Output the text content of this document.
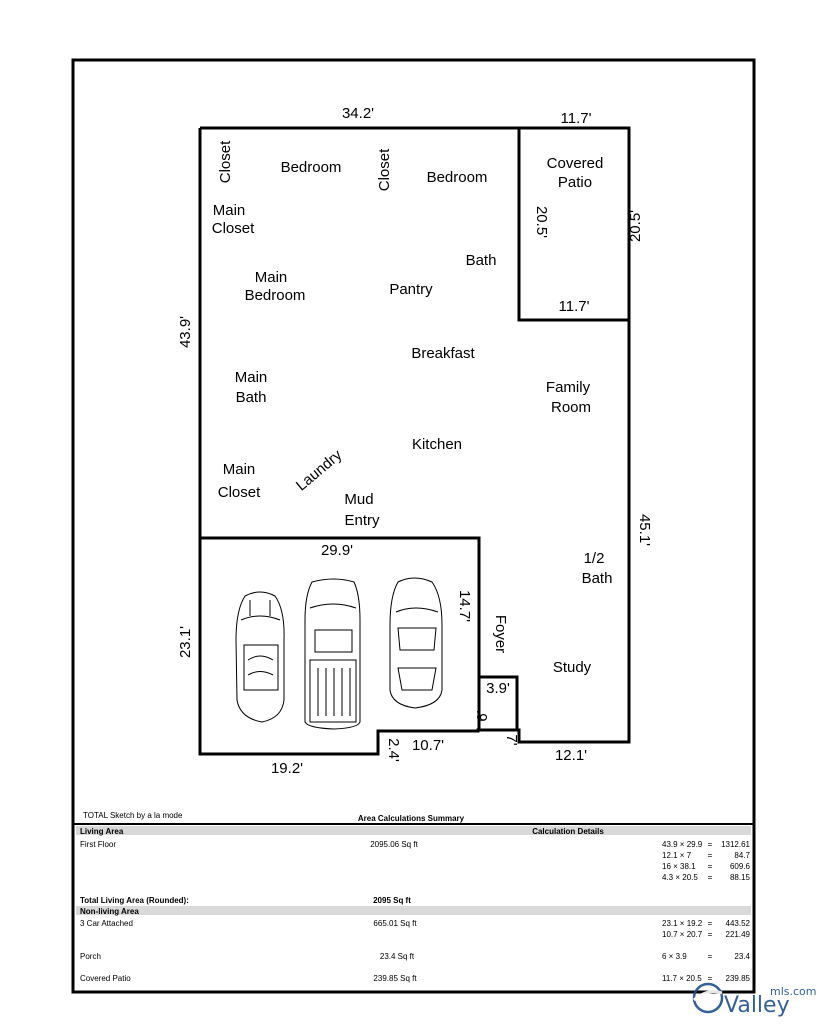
34.2'	11.7'
20.5'	20.5'
11.7'
43.9'
45.1'
29.9'
23.1'
14.7'
19.2'
2.4' 10.7'
3.9'
6'
7'
12.1'
Closet	Bedroom Closet Bedroom
Covered
Patio
Main
Closet
Bath
Main
Bedroom	Pantry
Breakfast
Main
Bath
Family
Room
Kitchen
Main
Closet Laundry
Mud
Entry
1/2
Bath
Foyer
Study
TOTAL Sketch by a la mode	Area Calculations Summary
Living Area	Calculation Details
First Floor	2095.06 Sq ft	43.9 × 29.9 = 1312.61
12.1 × 7 =	84.7
16 × 38.1 = 609.6
4.3 × 20.5 = 88.15
Total Living Area (Rounded):	2095 Sq ft
Non-living Area
3 Car Attached	665.01 Sq ft	23.1 × 19.2 = 443.52
10.7 × 20.7 = 221.49
Porch	23.4 Sq ft	6 × 3.9	=	23.4
Covered Patio	239.85 Sq ft	11.7 × 20.5 = 239.85
Valley
mls.com
